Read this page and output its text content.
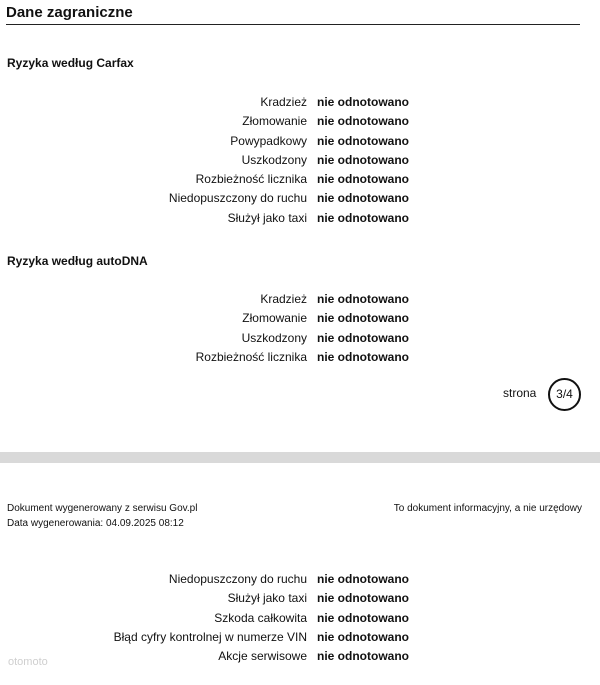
Dane zagraniczne
Ryzyka według Carfax
Kradzież nie odnotowano
Złomowanie nie odnotowano
Powypadkowy nie odnotowano
Uszkodzony nie odnotowano
Rozbieżność licznika nie odnotowano
Niedopuszczony do ruchu nie odnotowano
Służył jako taxi nie odnotowano
Ryzyka według autoDNA
Kradzież nie odnotowano
Złomowanie nie odnotowano
Uszkodzony nie odnotowano
Rozbieżność licznika nie odnotowano
strona	3/4
Dokument wygenerowany z serwisu Gov.pl
Data wygenerowania: 04.09.2025 08:12
To dokument informacyjny, a nie urzędowy
Niedopuszczony do ruchu nie odnotowano
Służył jako taxi nie odnotowano
Szkoda całkowita nie odnotowano
Błąd cyfry kontrolnej w numerze VIN nie odnotowano
Akcje serwisowe nie odnotowano
otomoto
